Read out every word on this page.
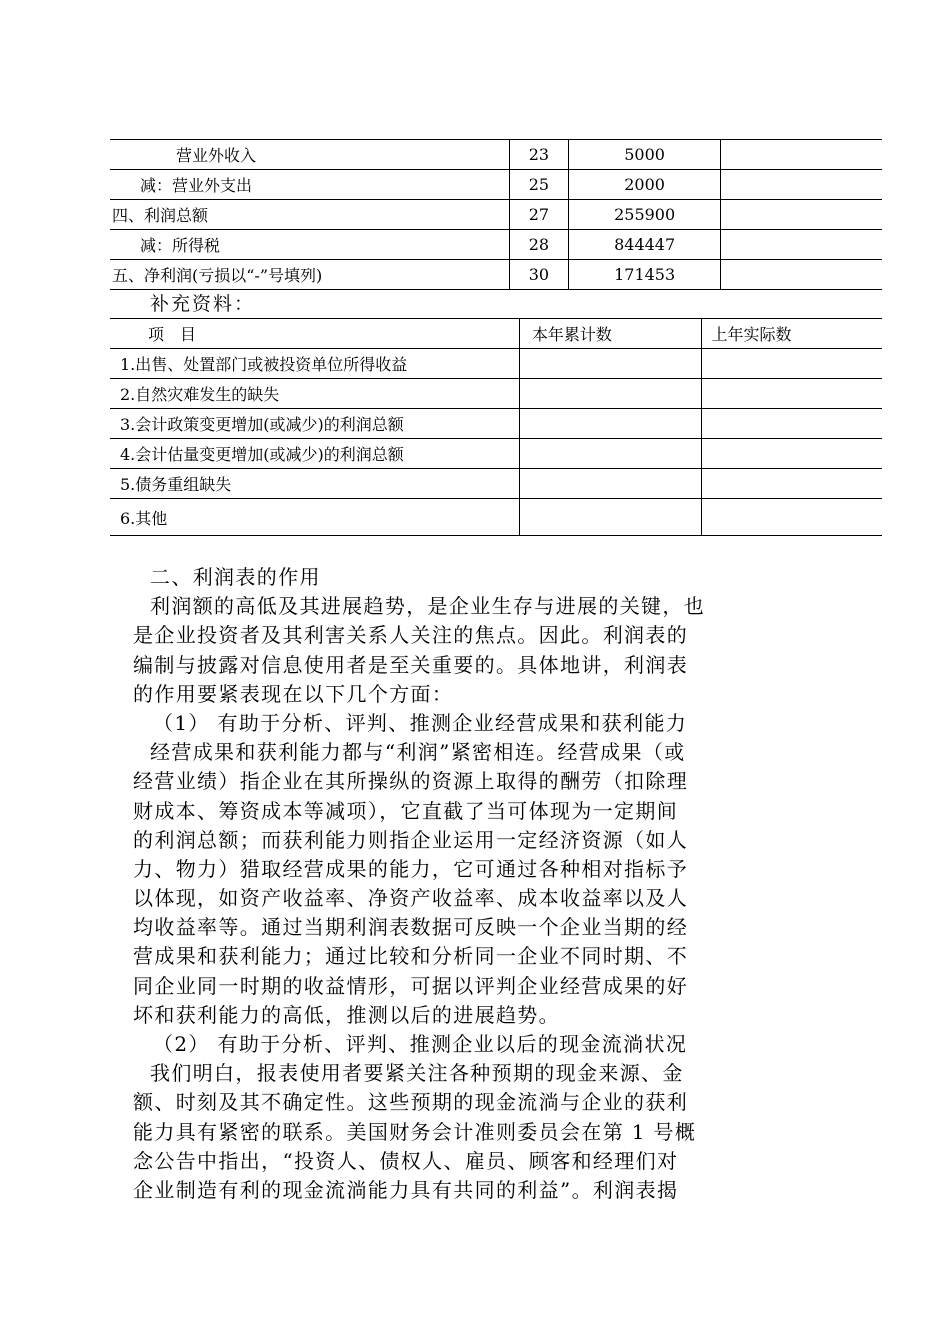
营业外收入	23	5000	
减：营业外支出	25	2000	
四、利润总额	27	255900	
减：所得税	28	844447	
五、净利润(亏损以“-”号填列)	30	171453	
补充资料：
项　目	本年累计数	上年实际数
1.出售、处置部门或被投资单位所得收益		
2.自然灾难发生的缺失		
3.会计政策变更增加(或减少)的利润总额		
4.会计估量变更增加(或减少)的利润总额		
5.债务重组缺失		
6.其他		
二、利润表的作用
利润额的高低及其进展趋势，是企业生存与进展的关键，也
是企业投资者及其利害关系人关注的焦点。因此。利润表的
编制与披露对信息使用者是至关重要的。具体地讲，利润表
的作用要紧表现在以下几个方面：
（1） 有助于分析、评判、推测企业经营成果和获利能力
经营成果和获利能力都与“利润”紧密相连。经营成果（或
经营业绩）指企业在其所操纵的资源上取得的酬劳（扣除理
财成本、筹资成本等减项），它直截了当可体现为一定期间
的利润总额；而获利能力则指企业运用一定经济资源（如人
力、物力）猎取经营成果的能力，它可通过各种相对指标予
以体现，如资产收益率、净资产收益率、成本收益率以及人
均收益率等。通过当期利润表数据可反映一个企业当期的经
营成果和获利能力；通过比较和分析同一企业不同时期、不
同企业同一时期的收益情形，可据以评判企业经营成果的好
坏和获利能力的高低，推测以后的进展趋势。
（2） 有助于分析、评判、推测企业以后的现金流淌状况
我们明白，报表使用者要紧关注各种预期的现金来源、金
额、时刻及其不确定性。这些预期的现金流淌与企业的获利
能力具有紧密的联系。美国财务会计准则委员会在第 1 号概
念公告中指出，“投资人、债权人、雇员、顾客和经理们对
企业制造有利的现金流淌能力具有共同的利益”。利润表揭
